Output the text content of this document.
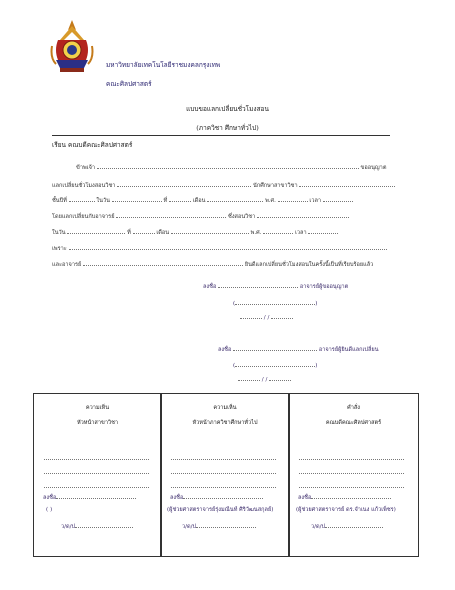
มหาวิทยาลัยเทคโนโลยีราชมงคลกรุงเทพ
คณะศิลปศาสตร์
แบบขอแลกเปลี่ยนชั่วโมงสอน
(ภาควิชา ศึกษาทั่วไป)
เรียน คณบดีคณะศิลปศาสตร์
ข้าพเจ้า	ขออนุญาต
แลกเปลี่ยนชั่วโมงสอนวิชา	นักศึกษาสาขาวิชา
ชั้นปีที่	ในวัน	ที่	เดือน	พ.ศ.	เวลา
โดยแลกเปลี่ยนกับอาจารย์	ซึ่งสอนวิชา
ในวัน	ที่	เดือน	พ.ศ.	เวลา
เพราะ
และอาจารย์	ยินดีแลกเปลี่ยนชั่วโมงสอนในครั้งนี้เป็นที่เรียบร้อยแล้ว
ลงชื่อ	อาจารย์ผู้ขออนุญาต
(	)
/ /
ลงชื่อ	อาจารย์ผู้ยินดีแลกเปลี่ยน
(	)
/ /
ความเห็น
หัวหน้าสาขาวิชา
ลงชื่อ
( )
ว/ด/ป
ความเห็น
หัวหน้าภาควิชาศึกษาทั่วไป
ลงชื่อ
(ผู้ช่วยศาสตราจารย์รุ่งมณีนท์ ศิริวัฒนสกุลย์)
ว/ด/ป
คำสั่ง
คณบดีคณะศิลปศาสตร์
ลงชื่อ
(ผู้ช่วยศาสตราจารย์ ดร.จำเนง แก้วเพ็ชร)
ว/ด/ป
